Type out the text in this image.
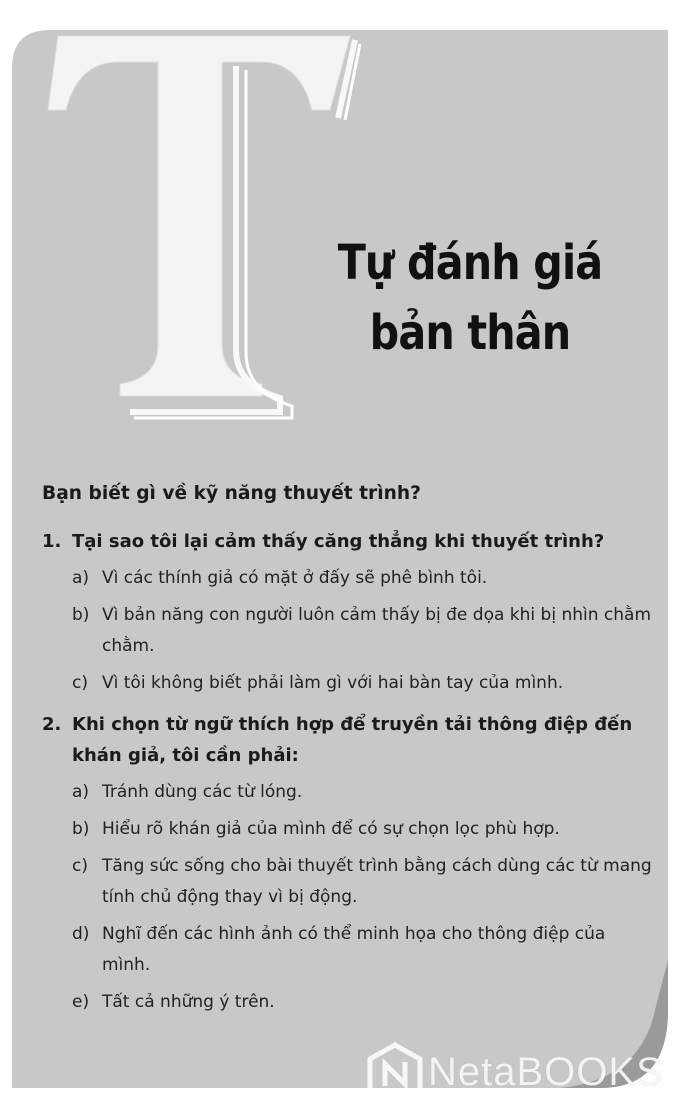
Tự đánh giá
bản thân
Bạn biết gì về kỹ năng thuyết trình?
1. Tại sao tôi lại cảm thấy căng thẳng khi thuyết trình?
a) Vì các thính giả có mặt ở đấy sẽ phê bình tôi.
b) Vì bản năng con người luôn cảm thấy bị đe dọa khi bị nhìn chằm chằm.
c) Vì tôi không biết phải làm gì với hai bàn tay của mình.
2. Khi chọn từ ngữ thích hợp để truyền tải thông điệp đến khán giả, tôi cần phải:
a) Tránh dùng các từ lóng.
b) Hiểu rõ khán giả của mình để có sự chọn lọc phù hợp.
c) Tăng sức sống cho bài thuyết trình bằng cách dùng các từ mang tính chủ động thay vì bị động.
d) Nghĩ đến các hình ảnh có thể minh họa cho thông điệp của mình.
e) Tất cả những ý trên.
NetaBOOKS .vn
